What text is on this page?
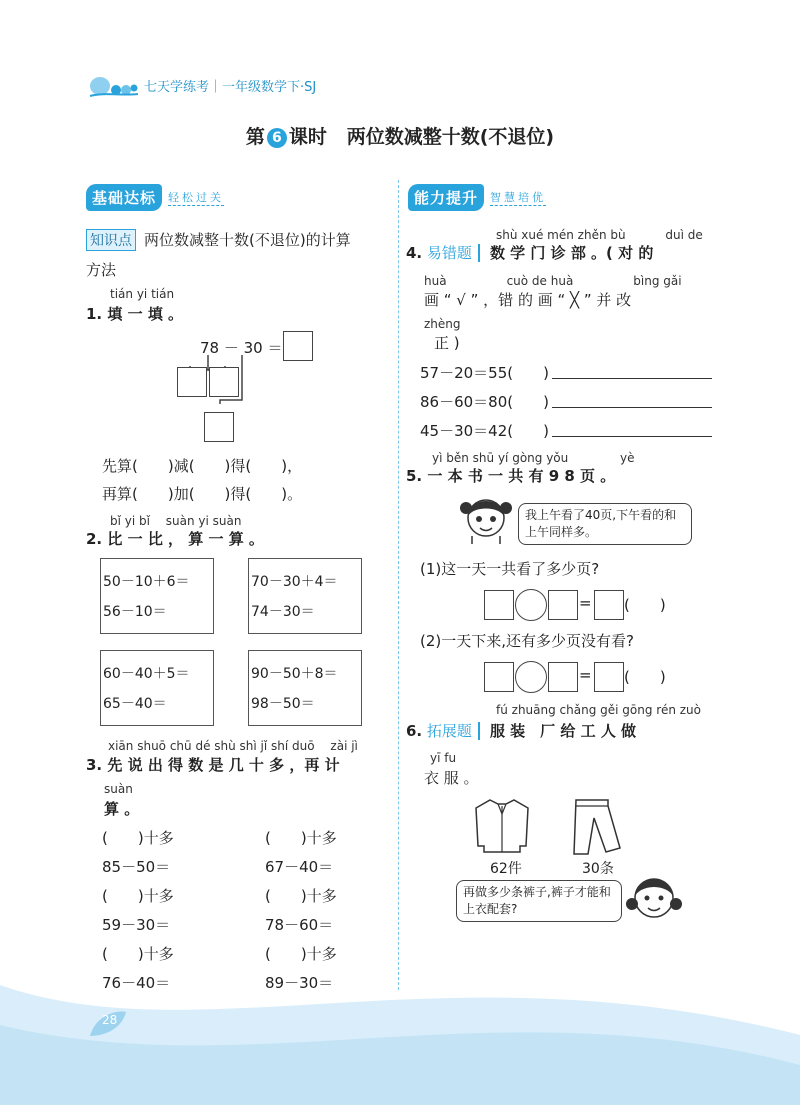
28
七天学练考｜一年级数学下·SJ
第 6 课时 两位数减整十数(不退位)
基础达标	轻松过关
知识点 两位数减整十数(不退位)的计算
方法
tián yi tián
1. 填 一 填 。
78 － 30 ＝
先算(　　)减(　　)得(　　)，
再算(　　)加(　　)得(　　)。
bǐ yi bǐ　 suàn yi suàn
2. 比 一 比 ， 算 一 算 。
50－10＋6＝
56－10＝
70－30＋4＝
74－30＝
60－40＋5＝
65－40＝
90－50＋8＝
98－50＝
xiān shuō chū dé shù shì jǐ shí duō　 zài jì
3. 先 说 出 得 数 是 几 十 多 ，再 计
suàn
算 。
(　　)十多	(　　)十多
85－50＝	67－40＝
(　　)十多	(　　)十多
59－30＝	78－60＝
(　　)十多	(　　)十多
76－40＝	89－30＝
能力提升	智慧培优
shù xué mén zhěn bù　　　 duì de
4. 易错题 数 学 门 诊 部 。( 对 的
huà　　　　　cuò de huà　　　　　bìng gǎi
画 “ √ ” ，错 的 画 “ ╳ ” 并 改
zhèng
正 )
57－20＝55(　　)
86－60＝80(　　)
45－30＝42(　　)
yì běn shū yí gòng yǒu　　　　 yè
5. 一 本 书 一 共 有 9 8 页 。
我上午看了40页,下午看的和上午同样多。
(1)这一天一共看了多少页?
= (　　)
(2)一天下来,还有多少页没有看?
= (　　)
fú zhuāng chǎng gěi gōng rén zuò
6. 拓展题 服 装　厂 给 工 人 做
yī fu
衣 服 。
62件	30条
再做多少条裤子,裤子才能和上衣配套?
